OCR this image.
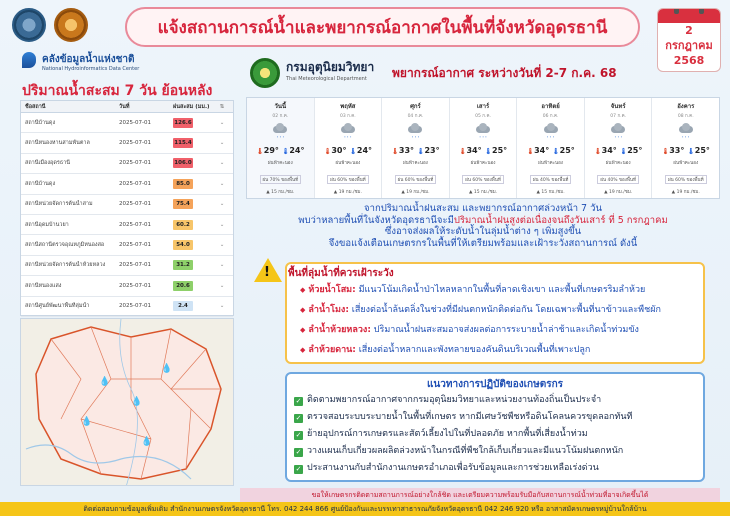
แจ้งสถานการณ์น้ำและพยากรณ์อากาศในพื้นที่จังหวัดอุดรธานี	2
กรกฎาคม
2568
คลังข้อมูลน้ำแห่งชาติ
National Hydroinformatics Data Center
ปริมาณน้ำสะสม 7 วัน ย้อนหลัง
ชื่อสถานี	วันที่	ฝนสะสม (มม.)	⇅
สถานีบ้านดุง	2025-07-01	126.6	⌄
สถานีหนองหานสามพันตาล	2025-07-01	115.4	⌄
สถานีเมืองอุดรธานี	2025-07-01	106.0	⌄
สถานีบ้านดุง	2025-07-01	85.0	⌄
สถานีหน่วยจัดการต้นน้ำสาม	2025-07-01	75.4	⌄
สถานีอุดมบ้านวยา	2025-07-01	60.2	⌄
สถานีสถานีตรวจอุณหภูมิหนองสอ	2025-07-01	54.0	⌄
สถานีหน่วยจัดการต้นน้ำห้วยหลวง	2025-07-01	31.2	⌄
สถานีหนองแสง	2025-07-01	20.6	⌄
สถานีศูนย์พัฒนาพื้นที่ลุ่มน้ำ	2025-07-01	2.4	⌄
💧
💧
💧
💧
💧
กรมอุตุนิยมวิทยา
Thai Meteorological Department พยากรณ์อากาศ ระหว่างวันที่ 2-7 ก.ค. 68
วันนี้
02 ก.ค.
' ' '
🌡 29° 🌡 24°
ฝนฟ้าคะนอง
ฝน 70% ของพื้นที่
▲ 15 กม./ชม.
พฤหัส
03 ก.ค.
' ' '
🌡 30° 🌡 24°
ฝนฟ้าคะนอง
ฝน 60% ของพื้นที่
▲ 19 กม./ชม.
ศุกร์
04 ก.ค.
' ' '
🌡 33° 🌡 23°
ฝนฟ้าคะนอง
ฝน 60% ของพื้นที่
▲ 19 กม./ชม.
เสาร์
05 ก.ค.
' ' '
🌡 34° 🌡 25°
ฝนฟ้าคะนอง
ฝน 60% ของพื้นที่
▲ 15 กม./ชม.
อาทิตย์
06 ก.ค.
' ' '
🌡 34° 🌡 25°
ฝนฟ้าคะนอง
ฝน 40% ของพื้นที่
▲ 15 กม./ชม.
จันทร์
07 ก.ค.
' ' '
🌡 34° 🌡 25°
ฝนฟ้าคะนอง
ฝน 40% ของพื้นที่
▲ 19 กม./ชม.
อังคาร
08 ก.ค.
' ' '
🌡 33° 🌡 25°
ฝนฟ้าคะนอง
ฝน 60% ของพื้นที่
▲ 19 กม./ชม.
จากปริมาณน้ำฝนสะสม และพยากรณ์อากาศล่วงหน้า 7 วัน
พบว่าหลายพื้นที่ในจังหวัดอุดรธานีจะมีปริมาณน้ำฝนสูงต่อเนื่องจนถึงวันเสาร์ ที่ 5 กรกฎาคม
ซึ่งอาจส่งผลให้ระดับน้ำในลุ่มน้ำต่าง ๆ เพิ่มสูงขึ้น
จึงขอแจ้งเตือนเกษตรกรในพื้นที่ให้เตรียมพร้อมและเฝ้าระวังสถานการณ์ ดังนี้
! พื้นที่ลุ่มน้ำที่ควรเฝ้าระวัง
◆ ห้วยน้ำโสม: มีแนวโน้มเกิดน้ำป่าไหลหลากในพื้นที่ลาดเชิงเขา และพื้นที่เกษตรริมลำห้วย
◆ ลำน้ำโมง: เสี่ยงต่อน้ำล้นตลิ่งในช่วงที่มีฝนตกหนักติดต่อกัน โดยเฉพาะพื้นที่นาข้าวและพืชผัก
◆ ลำน้ำห้วยหลวง: ปริมาณน้ำฝนสะสมอาจส่งผลต่อการระบายน้ำล่าช้าและเกิดน้ำท่วมขัง
◆ ลำห้วยดาน: เสี่ยงต่อน้ำหลากและพังทลายของคันดินบริเวณพื้นที่เพาะปลูก
แนวทางการปฏิบัติของเกษตรกร
✓ ติดตามพยากรณ์อากาศจากกรมอุตุนิยมวิทยาและหน่วยงานท้องถิ่นเป็นประจำ
✓ ตรวจสอบระบบระบายน้ำในพื้นที่เกษตร หากมีเศษวัชพืชหรือดินโคลนควรขุดลอกทันที
✓ ย้ายอุปกรณ์การเกษตรและสัตว์เลี้ยงไปในที่ปลอดภัย หากพื้นที่เสี่ยงน้ำท่วม
✓ วางแผนเก็บเกี่ยวผลผลิตล่วงหน้าในกรณีที่พืชใกล้เก็บเกี่ยวและมีแนวโน้มฝนตกหนัก
✓ ประสานงานกับสำนักงานเกษตรอำเภอเพื่อรับข้อมูลและการช่วยเหลือเร่งด่วน
ขอให้เกษตรกรติดตามสถานการณ์อย่างใกล้ชิด และเตรียมความพร้อมรับมือกับสถานการณ์น้ำท่วมที่อาจเกิดขึ้นได้
ติดต่อสอบถามข้อมูลเพิ่มเติม สำนักงานเกษตรจังหวัดอุดรธานี โทร. 042 244 866 ศูนย์ป้องกันและบรรเทาสาธารณภัยจังหวัดอุดรธานี 042 246 920 หรือ อาสาสมัครเกษตรหมู่บ้านใกล้บ้าน
